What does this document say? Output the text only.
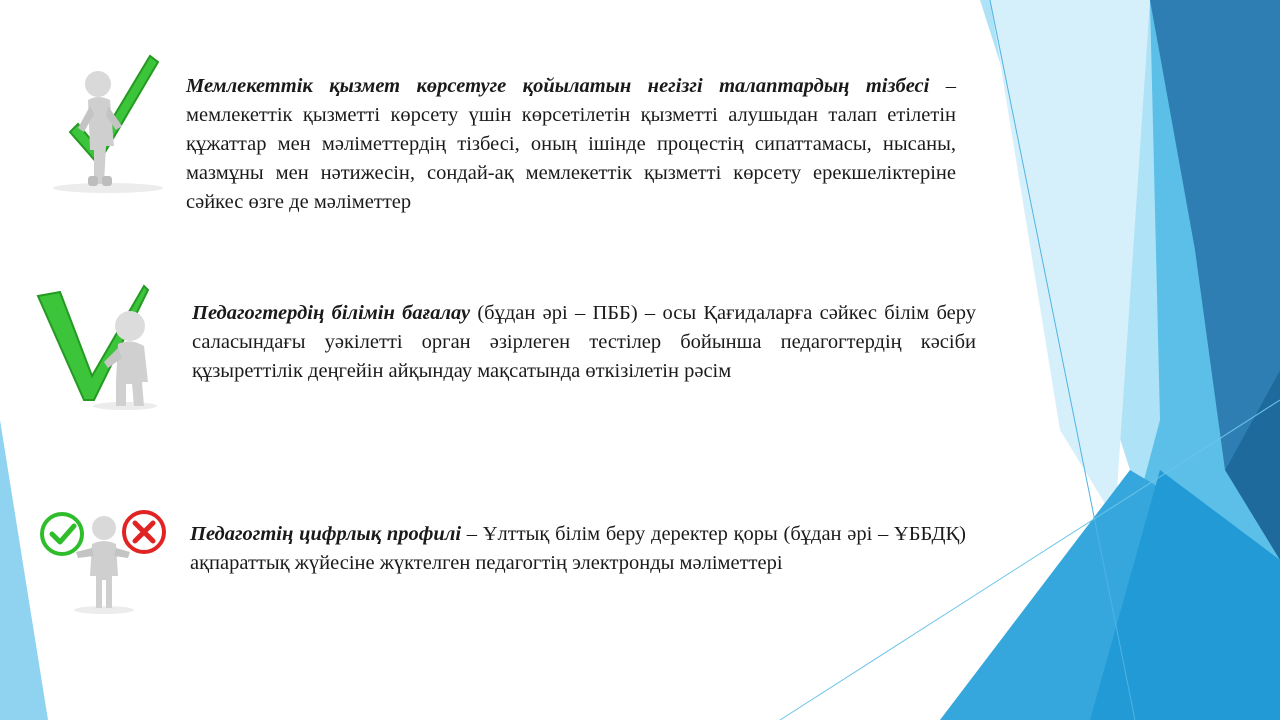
Мемлекеттік қызмет көрсетуге қойылатын негізгі талаптардың тізбесі – мемлекеттік қызметті көрсету үшін көрсетілетін қызметті алушыдан талап етілетін құжаттар мен мәліметтердің тізбесі, оның ішінде процестің сипаттамасы, нысаны, мазмұны мен нәтижесін, сондай-ақ мемлекеттік қызметті көрсету ерекшеліктеріне сәйкес өзге де мәліметтер

Педагогтердің білімін бағалау (бұдан әрі – ПББ) – осы Қағидаларға сәйкес білім беру саласындағы уәкілетті орган әзірлеген тестілер бойынша педагогтердің кәсіби құзыреттілік деңгейін айқындау мақсатында өткізілетін рәсім

Педагогтің цифрлық профилі – Ұлттық білім беру деректер қоры (бұдан әрі – ҰББДҚ) ақпараттық жүйесіне жүктелген педагогтің электронды мәліметтері
